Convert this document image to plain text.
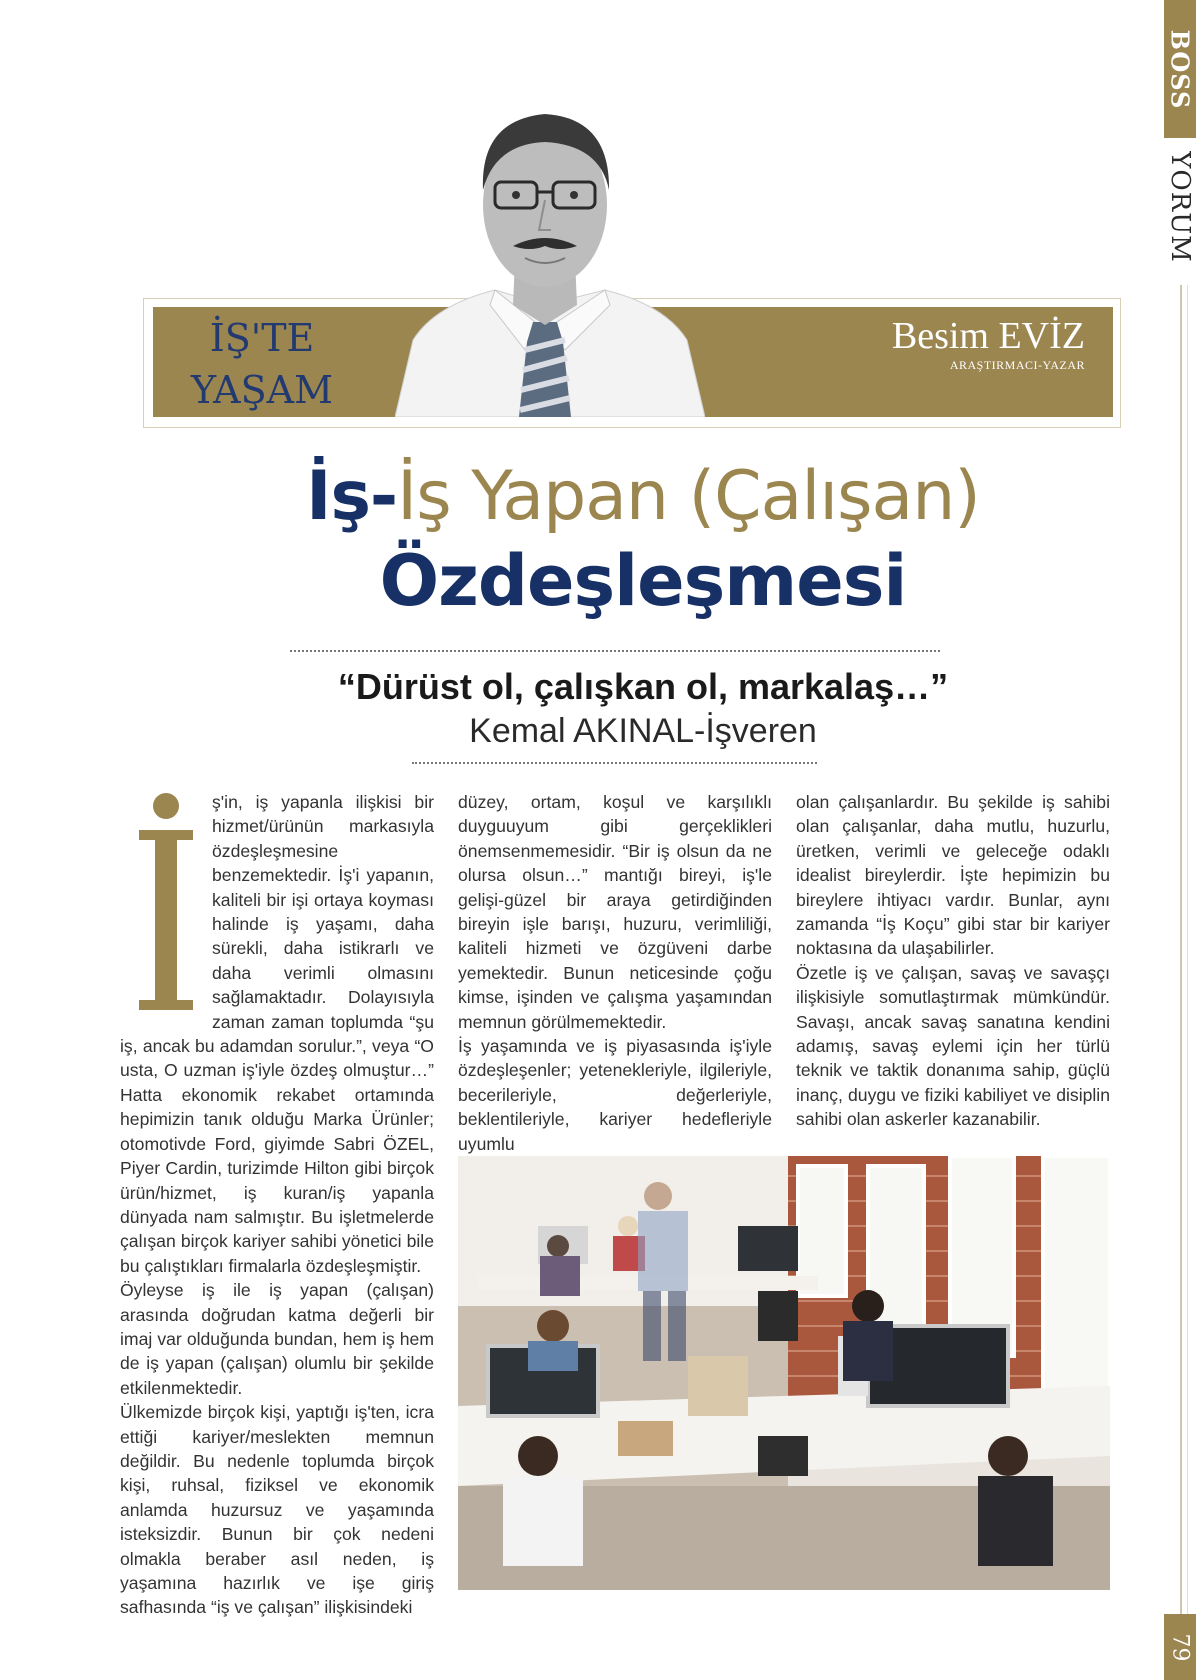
BOSS
YORUM
79
İŞ'TE
YAŞAM
Besim EVİZ
ARAŞTIRMACI-YAZAR
İş-İş Yapan (Çalışan)
Özdeşleşmesi
“Dürüst ol, çalışkan ol, markalaş…”
Kemal AKINAL-İşveren
İ

ş'in, iş yapanla ilişkisi bir hizmet/ürünün markasıyla özdeşleşmesine benzemektedir. İş'i yapanın, kaliteli bir işi ortaya koyması halinde iş yaşamı, daha sürekli, daha istikrarlı ve daha verimli olmasını sağlamaktadır. Dolayısıyla zaman zaman toplumda “şu iş, ancak bu adamdan sorulur.”, veya “O usta, O uzman iş'iyle özdeş olmuştur…” Hatta ekonomik rekabet ortamında hepimizin tanık olduğu Marka Ürünler; otomotivde Ford, giyimde Sabri ÖZEL, Piyer Cardin, turizimde Hilton gibi birçok ürün/hizmet, iş kuran/iş yapanla dünyada nam salmıştır. Bu işletmelerde çalışan birçok kariyer sahibi yönetici bile bu çalıştıkları firmalarla özdeşleşmiştir.

Öyleyse iş ile iş yapan (çalışan) arasında doğrudan katma değerli bir imaj var olduğunda bundan, hem iş hem de iş yapan (çalışan) olumlu bir şekilde etkilenmektedir.

Ülkemizde birçok kişi, yaptığı iş'ten, icra ettiği kariyer/meslekten memnun değildir. Bu nedenle toplumda birçok kişi, ruhsal, fiziksel ve ekonomik anlamda huzursuz ve yaşamında isteksizdir. Bunun bir çok nedeni olmakla beraber asıl neden, iş yaşamına hazırlık ve işe giriş safhasında “iş ve çalışan” ilişkisindeki

düzey, ortam, koşul ve karşılıklı duyguuyum gibi gerçeklikleri önemsenmemesidir. “Bir iş olsun da ne olursa olsun…” mantığı bireyi, iş'le gelişi-güzel bir araya getirdiğinden bireyin işle barışı, huzuru, verimliliği, kaliteli hizmeti ve özgüveni darbe yemektedir. Bunun neticesinde çoğu kimse, işinden ve çalışma yaşamından memnun görülmemektedir.

İş yaşamında ve iş piyasasında iş'iyle özdeşleşenler; yetenekleriyle, ilgileriyle, becerileriyle, değerleriyle, beklentileriyle, kariyer hedefleriyle uyumlu

olan çalışanlardır. Bu şekilde iş sahibi olan çalışanlar, daha mutlu, huzurlu, üretken, verimli ve geleceğe odaklı idealist bireylerdir. İşte hepimizin bu bireylere ihtiyacı vardır. Bunlar, aynı zamanda “İş Koçu” gibi star bir kariyer noktasına da ulaşabilirler.

Özetle iş ve çalışan, savaş ve savaşçı ilişkisiyle somutlaştırmak mümkündür. Savaşı, ancak savaş sanatına kendini adamış, savaş eylemi için her türlü teknik ve taktik donanıma sahip, güçlü inanç, duygu ve fiziki kabiliyet ve disiplin sahibi olan askerler kazanabilir.
